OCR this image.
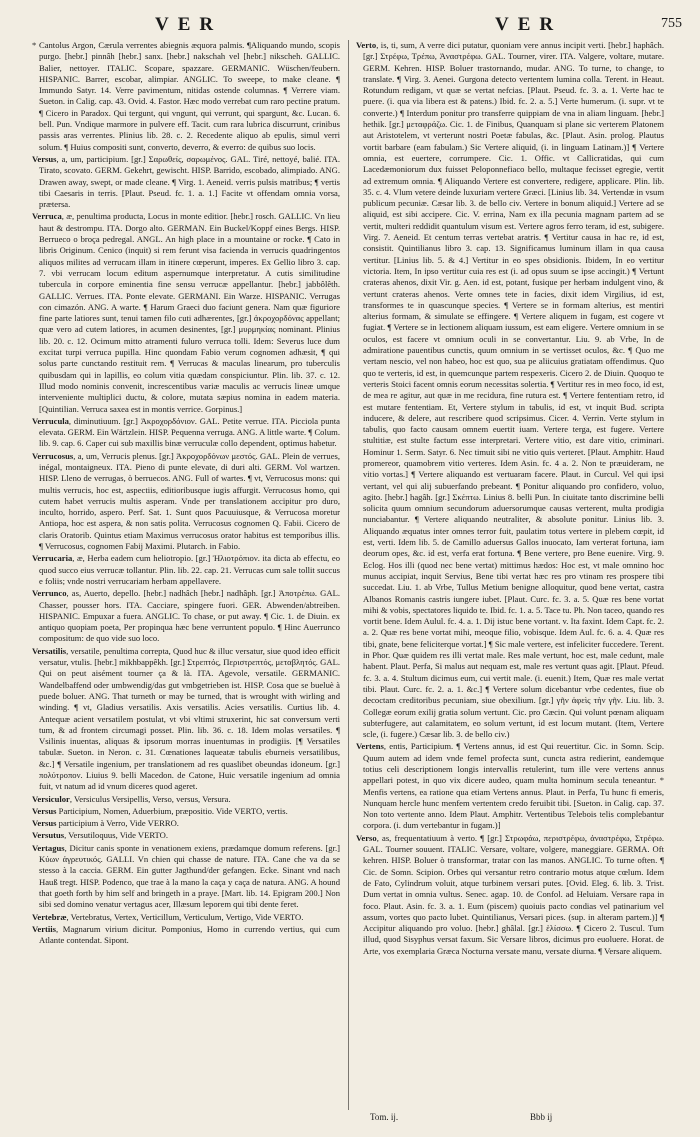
VER	VER	755

* Cantolus Argon, Cærula verrentes abiegnis æquora palmis. ¶Aliquando mundo, scopis purgo. [hebr.] pinnâh [hebr.] sanx. [hebr.] nakschah vel [hebr.] nikscheh. GALLIC. Balier, nettoyer. ITALIC. Scopare, spazzare. GERMANIC. Wüschen/feubern. HISPANIC. Barrer, escobar, alimpiar. ANGLIC. To sweepe, to make cleane. ¶ Immundo Satyr. 14. Verre pavimentum, nitidas ostende columnas. ¶ Verrere viam. Sueton. in Calig. cap. 43. Ovid. 4. Fastor. Hæc modo verrebat cum raro pectine pratum. ¶ Cicero in Paradox. Qui tergunt, qui vngunt, qui verrunt, qui spargunt, &c. Lucan. 6. bell. Pun. Vndique marmore in pulvere eff. Tacit. cum rara lubrica discurrunt, crinibus passis aras verrentes. Plinius lib. 28. c. 2. Recedente aliquo ab epulis, simul verri solum. ¶ Huius compositi sunt, converto, deverro, & everro: de quibus suo locis.

Versus, a, um, participium. [gr.] Σαρωθείς, σαρωμένος. GAL. Tiré, nettoyé, balié. ITA. Tirato, scovato. GERM. Gekehrt, gewischt. HISP. Barrido, escobado, alimpiado. ANG. Drawen away, swept, or made cleane. ¶ Virg. 1. Aeneid. verris pulsis matribus; ¶ vertis tibi Caesaris in terris. [Plaut. Pseud. fc. 1. a. 1.] Facite vt offendam omnia vorsa, prætersa.

Verruca, æ, penultima producta, Locus in monte editior. [hebr.] rosch. GALLIC. Vn lieu haut & destrompu. ITA. Dorgo alto. GERMAN. Ein Buckel/Koppf eines Bergs. HISP. Berrueco o broça pedregal. ANGL. An high place in a mountaine or rocke. ¶ Cato in libris Originum. Cenico (inquit) si rem ferunt visa facienda in verrucis quadringentos aliquos milites ad verrucam illam in itinere cœperunt, imperes. Ex Gellio libro 3. cap. 7. vbi verrucam locum editum aspernumque interpretatur. A cutis similitudine tubercula in corpore eminentia fine sensu verrucæ appellantur. [hebr.] jabbôlêth. GALLIC. Verrues. ITA. Ponte elevate. GERMANI. Ein Warze. HISPANIC. Verrugas con cimazón. ANG. A warte. ¶ Harum Graeci duo faciunt genera. Nam quæ figuriore fine parte latiores sunt, tenui tamen filo cuti adhærentes, [gr.] ἀκροχορδόνας appellant; quæ vero ad cutem latiores, in acumen desinentes, [gr.] μυρμηκίας nominant. Plinius lib. 20. c. 12. Ocimum mitto atramenti fuluro verruca tolli. Idem: Severus luce dum excitat turpi verruca pupilla. Hinc quondam Fabio verum cognomen adhæsit, ¶ qui solus parte cunctando restituit rem. ¶ Verrucas & maculas linearum, pro tuberculis quibusdam qui in lapillis, eo colum vitia quædam conspiciuntur. Plin. lib. 37. c. 12. Illud modo nominis convenit, increscentibus variæ maculis ac verrucis lineæ umque interveniente multiplici ductu, & colore, mutata sæpius nomina in eadem materia. [Quintilian. Verruca saxea est in montis verrice. Gorpinus.]

Verrucula, diminutiuum. [gr.] Ἀκροχορδόνιον. GAL. Petite verrue. ITA. Picciola punta elevata. GERM. Ein Wärtzlein. HISP. Pequenna verruga. ANG. A little warte. ¶ Colum. lib. 9. cap. 6. Caper cui sub maxillis binæ verruculæ collo dependent, optimus habetur.

Verrucosus, a, um, Verrucis plenus. [gr.] Ἀκροχορδόνων μεστός. GAL. Plein de verrues, inégal, montaigneux. ITA. Pieno di punte elevate, di duri alti. GERM. Vol wartzen. HISP. Lleno de verrugas, ò berruecos. ANG. Full of wartes. ¶ vt, Verrucosus mons: qui multis verrucis, hoc est, aspectiis, editioribusque iugis affurgit. Verrucosus homo, qui cutem habet verrucis multis asperam. Vnde per translationem accipitur pro duro, inculto, horrido, aspero. Perf. Sat. 1. Sunt quos Pacuuiusque, & Verrucosa moretur Antiopa, hoc est aspera, & non satis polita. Verrucosus cognomen Q. Fabii. Cicero de claris Oratorib. Quintus etiam Maximus verrucosus orator habitus est temporibus illis. ¶ Verrucosus, cognomen Fabij Maximi. Plutarch. in Fabio.

Verrucaria, æ, Herba eadem cum heliotropio. [gr.] Ἡλιοτρόπιον. ita dicta ab effectu, eo quod succo eius verrucæ tollantur. Plin. lib. 22. cap. 21. Verrucas cum sale tollit succus e foliis; vnde nostri verrucariam herbam appellavere.

Verrunco, as, Auerto, depello. [hebr.] nadhâch [hebr.] nadhâph. [gr.] Ἀποτρέπω. GAL. Chasser, pousser hors. ITA. Cacciare, spingere fuori. GER. Abwenden/abtreiben. HISPANIC. Empuxar a fuera. ANGLIC. To chase, or put away. ¶ Cic. 1. de Diuin. ex antiquo quopiam poeta, Per propinqua hæc bene verruntent populo. ¶ Hinc Auerrunco compositum: de quo vide suo loco.

Versatilis, versatile, penultima correpta, Quod huc & illuc versatur, siue quod ideo efficit versatur, vtulis. [hebr.] mikhbappêkh. [gr.] Στρεπτός, Περιστρεπτός, μεταβλητός. GAL. Qui on peut aisément tourner ça & là. ITA. Agevole, versatile. GERMANIC. Wandelbaffend oder umbwendig/das gut vmbgetrieben ist. HISP. Cosa que se bueluè à puede boluer. ANG. That turneth or may be turned, that is wrought with wirling and winding. ¶ vt, Gladius versatilis. Axis versatilis. Acies versatilis. Curtius lib. 4. Antequæ acient versatilem postulat, vt vbi vltimi struxerint, hic sat conversum verti tum, & ad frontem circumagi posset. Plin. lib. 36. c. 18. Idem molas versatiles. ¶ Vsilinis inuentas, aliquas & ipsorum morras inuentumas in prodigiis. [¶ Versatiles tabulæ. Sueton. in Neron. c. 31. Cœnationes laqueatæ tabulis eburneis versatilibus, &c.] ¶ Versatile ingenium, per translationem ad res quaslibet obeundas idoneum. [gr.] πολύτροπον. Liuius 9. belli Macedon. de Catone, Huic versatile ingenium ad omnia fuit, vt natum ad id vnum diceres quod ageret.

Versiculor, Versiculus Versipellis, Verso, versus, Versura.

Versus Participium, Nomen, Aduerbium, præpositio. Vide VERTO, vertis.

Versus participium à Verro, Vide VERRO.

Versutus, Versutiloquus, Vide VERTO.

Vertagus, Dicitur canis sponte in venationem exiens, prædamque domum referens. [gr.] Κύων ἀγρευτικός. GALLI. Vn chien qui chasse de nature. ITA. Cane che va da se stesso à la caccia. GERM. Ein gutter Jagthund/der gefangen. Ecke. Sinant vnd nach Hauß tregt. HISP. Podenco, que trae à la mano la caça y caça de natura. ANG. A hound that goeth forth by him self and bringeth in a praye. [Mart. lib. 14. Epigram 200.] Non sibi sed domino venatur vertagus acer, Illæsum leporem qui tibi dente feret.

Vertebræ, Vertebratus, Vertex, Verticillum, Verticulum, Vertigo, Vide VERTO.

Vertiis, Magnarum virium dicitur. Pomponius, Homo in currendo vertius, qui cum Atlante contendat. Sipont.

Verto, is, ti, sum, A verre dici putatur, quoniam vere annus incipit verti. [hebr.] haphâch. [gr.] Στρέφω, Τρέπω, Ἀναστρέφω. GAL. Tourner, virer. ITA. Valgere, voltare, mutare. GERM. Kehren. HISP. Boluer trastornando, mudar. ANG. To turne, to change, to translate. ¶ Virg. 3. Aenei. Gurgona detecto vertentem lumina colla. Terent. in Heaut. Rotundum redigam, vt quæ se vertat nefcias. [Plaut. Pseud. fc. 3. a. 1. Verte hac te puere. (i. qua via libera est & patens.) Ibid. fc. 2. a. 5.] Verte humerum. (i. supr. vt te converte.) ¶ Interdum ponitur pro transferre quippiam de vna in aliam linguam. [hebr.] hethik. [gr.] μεταφράζω. Cic. 1. de Finibus, Quanquam si plane sic verterem Platonem aut Aristotelem, vt verterunt nostri Poetæ fabulas, &c. [Plaut. Asin. prolog. Plautus vortit barbare (eam fabulam.) Sic Vertere aliquid, (i. in linguam Latinam.)] ¶ Vertere omnia, est euertere, corrumpere. Cic. 1. Offic. vt Callicratidas, qui cum Lacedæmoniorum dux fuisset Peloponnefiaco bello, multaque fecisset egregie, vertit ad extremum omnia. ¶ Aliquando Vertere est convertere, redigere, applicare. Plin. lib. 35. c. 4. Vlum vetere deinde luxuriam vertere Græci. [Linius lib. 34. Vertendæ in vsum publicum pecuniæ. Cæsar lib. 3. de bello civ. Vertere in bonum aliquid.] Vertere ad se aliquid, est sibi accipere. Cic. V. errina, Nam ex illa pecunia magnam partem ad se vertit, multeri reddidit quantulum visum est. Vertere agros ferro teram, id est, subigere. Virg. 7. Aeneid. Et centum terras vertebat aratris. ¶ Vertitur causa in hac re, id est, consistit. Quintilianus libro 3. cap. 13. Significamus luminum illam in qua causa vertitur. [Linius lib. 5. & 4.] Vertitur in eo spes obsidionis. Ibidem, In eo vertitur victoria. Item, In ipso vertitur cuia res est (i. ad opus suum se ipse accingit.) ¶ Vertunt crateras ahenos, dixit Vir. g. Aen. id est, potant, fusique per herbam indulgent vino, & vertunt crateras ahenos. Verte omnes tete in facies, dixit idem Virgilius, id est, transformes te in quascunque species. ¶ Vertere se in formam alterius, est mentiri alterius formam, & simulate se effingere. ¶ Vertere aliquem in fugam, est cogere vt fugiat. ¶ Vertere se in lectionem aliquam iussum, est eam eligere. Vertere omnium in se oculos, est facere vt omnium oculi in se convertantur. Liu. 9. ab Vrbe, In de admiratione pauentibus cunctis, quum omnium in se vertisset oculos, &c. ¶ Quo me vertam nescio, vel non habeo, hoc est quo, sua pe aliicuius gratiatam offendimus. Quo quo te verteris, id est, in quemcunque partem respexeris. Cicero 2. de Diuin. Quoquo te verteris Stoici facent omnis eorum necessitas solertia. ¶ Vertitur res in meo foco, id est, de mea re agitur, aut quæ in me recidura, fine rutura est. ¶ Vertere fententiam retro, id est mutare fententiam. Et, Vertere stylum in tabulis, id est, vt inquit Bud. scripta inducere, & delere, aut rescribere quod scripsimus. Cicer. 4. Verrin. Verte stylum in tabulis, quo facto causam omnem euertit iuam. Vertere terga, est fugere. Vertere stultitiæ, est stulte factum esse interpretari. Vertere vitio, est dare vitio, criminari. Hominur 1. Serm. Satyr. 6. Nec timuit sibi ne vitio quis verteret. [Plaut. Amphitr. Haud promereor, quamobrem vitio verteres. Idem Asin. fc. 4 a. 2. Non te præuideram, ne vitio vortas.] ¶ Vertere aliquando est vertuaram facere. Plaut. in Curcul. Vel qui ipsi vertant, vel qui alij subuerfando prebeant. ¶ Ponitur aliquando pro confidero, voluo, agito. [hebr.] hagâh. [gr.] Σκέπτω. Linius 8. belli Pun. In ciuitate tanto discrimine belli solicita quum omnium secundorum aduersorumque causas verterent, multa prodigia nunciabantur. ¶ Vertere aliquando neutraliter, & absolute ponitur. Linius lib. 3. Aliquando æquatus inter omnes terror fuit, paulatim totus vertere in plebem cœpit, id est, verti. Idem lib. 5. de Camillo aduersus Gallos inuocato, Iam verterat fortuna, iam deorum opes, &c. id est, verfa erat fortuna. ¶ Bene vertere, pro Bene euenire. Virg. 9. Eclog. Hos illi (quod nec bene vertat) mittimus hædos: Hoc est, vt male omnino hoc munus accipiat, inquit Servius, Bene tibi vertat hæc res pro vtinam res prospere tibi succedat. Liu. 1. ab Vrbe, Tullus Metium benigne alloquitur, quod bene vertat, castra Albanos Romanis castris iungere iubet. [Plaut. Curc. fc. 3. a. 5. Quæ res bene vortat mihi & vobis, spectatores liquido te. Ibid. fc. 1. a. 5. Tace tu. Ph. Non taceo, quando res vortit bene. Idem Aulul. fc. 4. a. 1. Dij istuc bene vortant. v. Ita faxint. Idem Capt. fc. 2. a. 2. Quæ res bene vortat mihi, meoque filio, vobisque. Idem Aul. fc. 6. a. 4. Quæ res tibi, gnate, bene feliciterque vortat.] ¶ Sic male vertere, est infeliciter fuccedere. Terent. in Phor. Quæ quidem res illi vertat male. Res male vertunt, hoc est, male cedunt, male habent. Plaut. Perfa, Si malus aut nequam est, male res vertunt quas agit. [Plaut. Pfeud. fc. 3. a. 4. Stultum dicimus eum, cui vertit male. (i. euenit.) Item, Quæ res male vertat tibi. Plaut. Curc. fc. 2. a. 1. &c.] ¶ Vertere solum dicebantur vrbe cedentes, fiue ob decoctam creditoribus pecuniam, siue obexilium. [gr.] γῆν ἀφεὶς τὴν γῆν. Liu. lib. 3. Collegæ eorum exilij gratia solum vertunt. Cic. pro Cæcin. Qui volunt pœnam aliquam subterfugere, aut calamitatem, eo solum vertunt, id est locum mutant. (Item, Vertere scle, (i. fugere.) Cæsar lib. 3. de bello civ.)

Vertens, entis, Participium. ¶ Vertens annus, id est Qui reuertitur. Cic. in Somn. Scip. Quum autem ad idem vnde femel profecta sunt, cuncta astra redierint, eandemque totius celi descriptionem longis intervallis retulerint, tum ille vere vertens annus appellari potest, in quo vix dicere audeo, quam multa hominum secula teneantur. * Menfis vertens, ea ratione qua etiam Vertens annus. Plaut. in Perfa, Tu hunc fi emeris, Nunquam hercle hunc menfem vertentem credo feruibit tibi. [Sueton. in Calig. cap. 37. Non toto vertente anno. Idem Plaut. Amphitr. Vertentibus Telebois telis complebantur corpora. (i. dum vertebantur in fugam.)]

Verso, as, frequentatiuum à verto. ¶ [gr.] Στρωφάω, περιστρέφω, ἀναστρέφω, Στρέφω. GAL. Tourner souuent. ITALIC. Versare, voltare, volgere, maneggiare. GERMA. Oft kehren. HISP. Boluer ò transformar, tratar con las manos. ANGLIC. To turne often. ¶ Cic. de Somn. Scipion. Orbes qui versantur retro contrario motus atque cœlum. Idem de Fato, Cylindrum voluit, atque turbinem versari putes. [Ovid. Eleg. 6. lib. 3. Trist. Dum vertat in omnia vultus. Senec. agap. 10. de Confol. ad Heluiam. Versare rapa in foco. Plaut. Asin. fc. 3. a. 1. Eum (piscem) quoiuis pacto condias vel patinarium vel assum, vortes quo pacto lubet. Quintilianus, Versari pices. (sup. in alteram partem.)] ¶ Accipitur aliquando pro voluo. [hebr.] ghâlal. [gr.] ἑλίσσω. ¶ Cicero 2. Tuscul. Tum illud, quod Sisyphus versat faxum. Sic Versare libros, dicimus pro euoluere. Horat. de Arte, vos exemplaria Græca Nocturna versate manu, versate diurna. ¶ Versare aliquem.

Tom. ij.	Bbb ij
